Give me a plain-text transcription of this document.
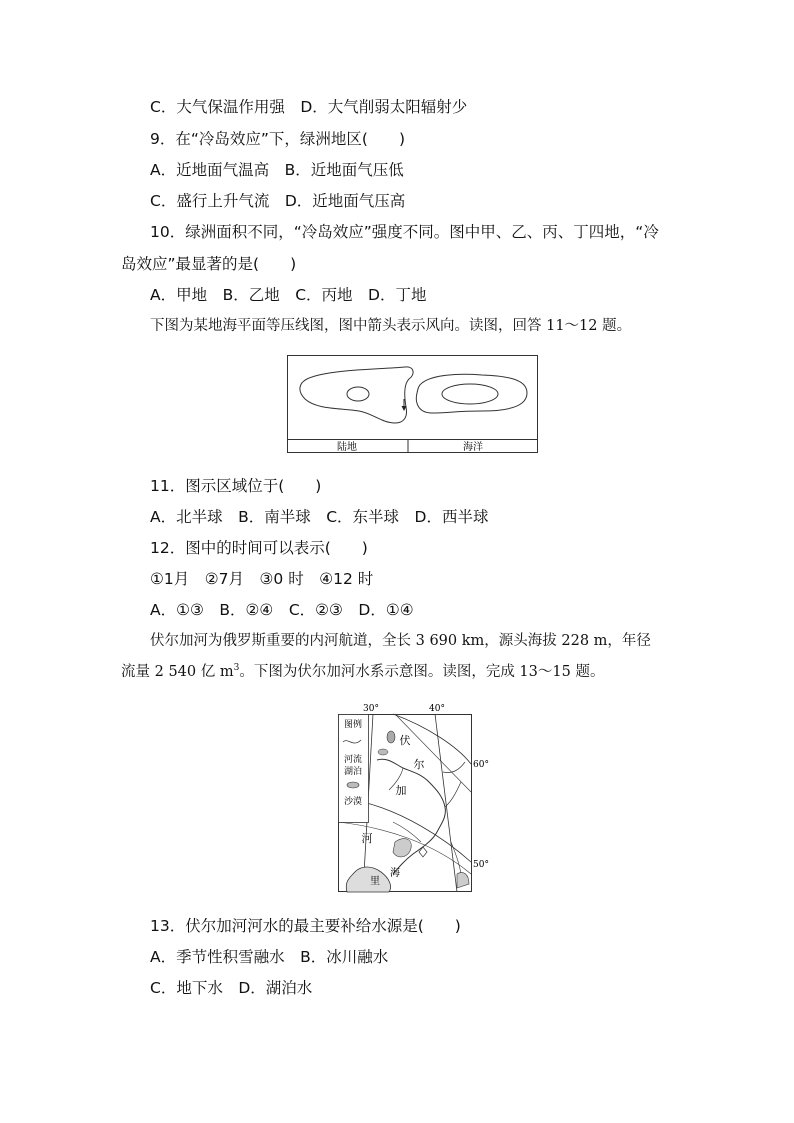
C．大气保温作用强　D．大气削弱太阳辐射少
9．在“冷岛效应”下，绿洲地区(　　)
A．近地面气温高　B．近地面气压低
C．盛行上升气流　D．近地面气压高
10．绿洲面积不同，“冷岛效应”强度不同。图中甲、乙、丙、丁四地，“冷
岛效应”最显著的是(　　)
A．甲地　B．乙地　C．丙地　D．丁地
下图为某地海平面等压线图，图中箭头表示风向。读图，回答 11～12 题。
陆地	海洋
11．图示区域位于(　　)
A．北半球　B．南半球　C．东半球　D．西半球
12．图中的时间可以表示(　　)
①1月　②7月　③0 时　④12 时
A．①③　B．②④　C．②③　D．①④
伏尔加河为俄罗斯重要的内河航道，全长 3 690 km，源头海拔 228 m，年径
流量 2 540 亿 $m^3$。下图为伏尔加河水系示意图。读图，完成 13～15 题。
30°	40°
60°
50°
图例
河流
湖泊
沙漠
伏
尔
加
河
里
海
13．伏尔加河河水的最主要补给水源是(　　)
A．季节性积雪融水　B．冰川融水
C．地下水　D．湖泊水
